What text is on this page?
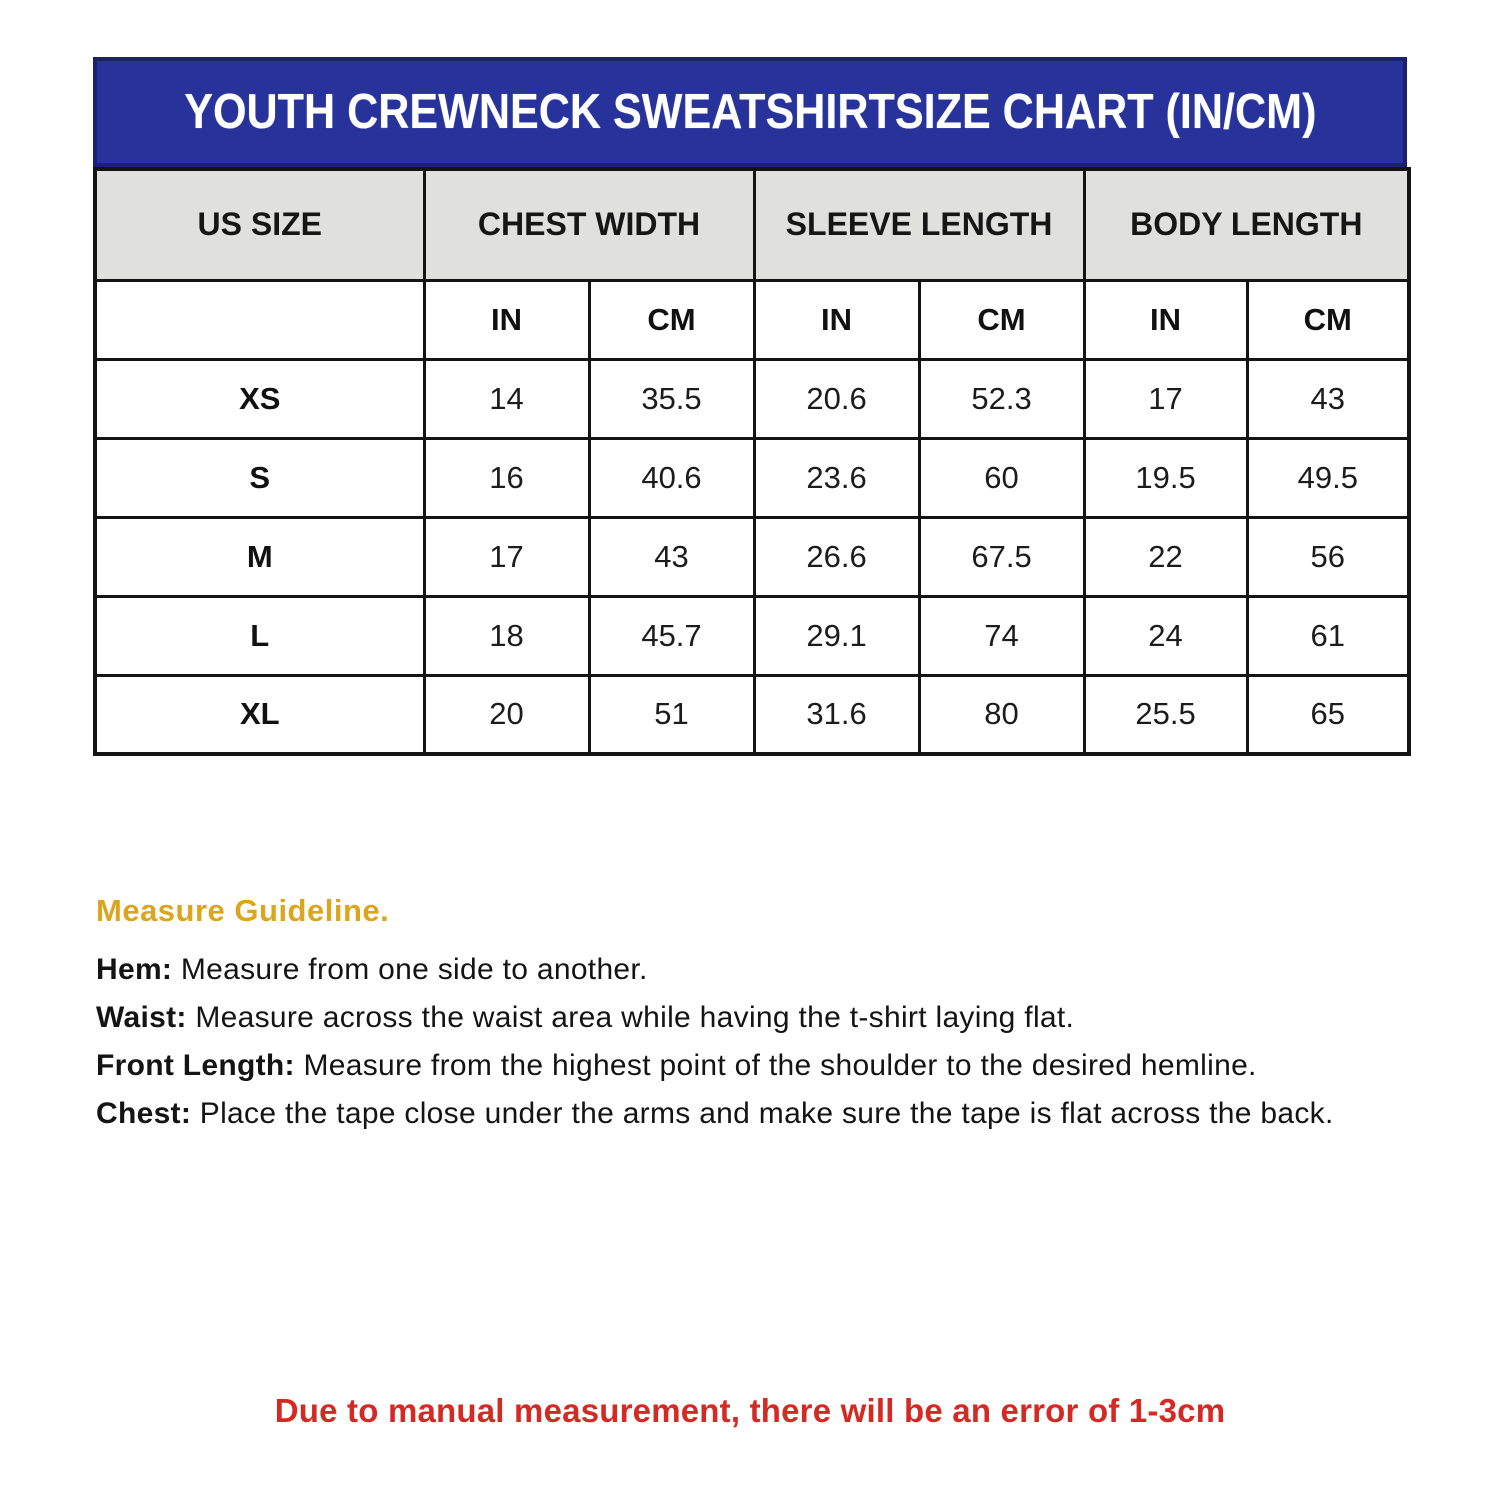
YOUTH CREWNECK SWEATSHIRTSIZE CHART (IN/CM)
US SIZE	CHEST WIDTH		SLEEVE LENGTH		BODY LENGTH	
	IN	CM	IN	CM	IN	CM
XS	14	35.5	20.6	52.3	17	43
S	16	40.6	23.6	60	19.5	49.5
M	17	43	26.6	67.5	22	56
L	18	45.7	29.1	74	24	61
XL	20	51	31.6	80	25.5	65
Measure Guideline.
Hem: Measure from one side to another.
Waist: Measure across the waist area while having the t-shirt laying flat.
Front Length: Measure from the highest point of the shoulder to the desired hemline.
Chest: Place the tape close under the arms and make sure the tape is flat across the back.
Due to manual measurement, there will be an error of 1-3cm
